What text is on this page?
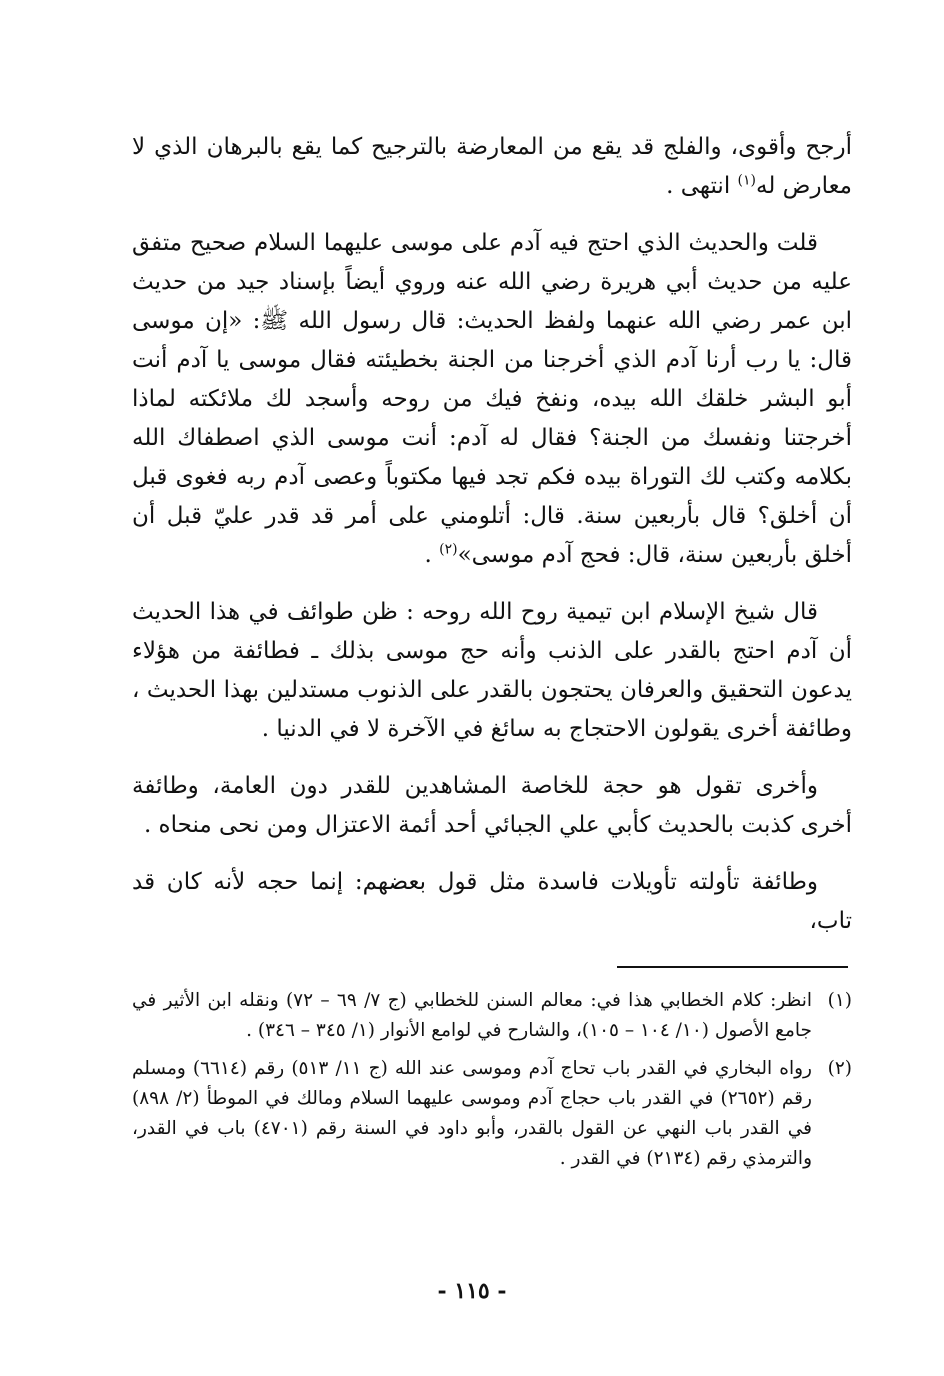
أرجح وأقوى، والفلج قد يقع من المعارضة بالترجيح كما يقع بالبرهان الذي لا معارض له$^{(١)}$ انتهى .

قلت والحديث الذي احتج فيه آدم على موسى عليهما السلام صحيح متفق عليه من حديث أبي هريرة رضي الله عنه وروي أيضاً بإسناد جيد من حديث ابن عمر رضي الله عنهما ولفظ الحديث: قال رسول الله ﷺ: «إن موسى قال: يا رب أرنا آدم الذي أخرجنا من الجنة بخطيئته فقال موسى يا آدم أنت أبو البشر خلقك الله بيده، ونفخ فيك من روحه وأسجد لك ملائكته لماذا أخرجتنا ونفسك من الجنة؟ فقال له آدم: أنت موسى الذي اصطفاك الله بكلامه وكتب لك التوراة بيده فكم تجد فيها مكتوباً وعصى آدم ربه فغوى قبل أن أخلق؟ قال بأربعين سنة. قال: أتلومني على أمر قد قدر عليّ قبل أن أخلق بأربعين سنة، قال: فحج آدم موسى»$^{(٢)}$ .

قال شيخ الإسلام ابن تيمية روح الله روحه : ظن طوائف في هذا الحديث أن آدم احتج بالقدر على الذنب وأنه حج موسى بذلك ـ فطائفة من هؤلاء يدعون التحقيق والعرفان يحتجون بالقدر على الذنوب مستدلين بهذا الحديث ، وطائفة أخرى يقولون الاحتجاج به سائغ في الآخرة لا في الدنيا .

وأخرى تقول هو حجة للخاصة المشاهدين للقدر دون العامة، وطائفة أخرى كذبت بالحديث كأبي علي الجبائي أحد أئمة الاعتزال ومن نحى منحاه .

وطائفة تأولته تأويلات فاسدة مثل قول بعضهم: إنما حجه لأنه كان قد تاب،

(١)
انظر: كلام الخطابي هذا في: معالم السنن للخطابي (ج ٧/ ٦٩ – ٧٢) ونقله ابن الأثير في جامع الأصول (١٠/ ١٠٤ – ١٠٥)، والشارح في لوامع الأنوار (١/ ٣٤٥ – ٣٤٦) .
(٢)
رواه البخاري في القدر باب تحاج آدم وموسى عند الله (ج ١١/ ٥١٣) رقم (٦٦١٤) ومسلم رقم (٢٦٥٢) في القدر باب حجاج آدم وموسى عليهما السلام ومالك في الموطأ (٢/ ٨٩٨) في القدر باب النهي عن القول بالقدر، وأبو داود في السنة رقم (٤٧٠١) باب في القدر، والترمذي رقم (٢١٣٤) في القدر .
- ١١٥ -
